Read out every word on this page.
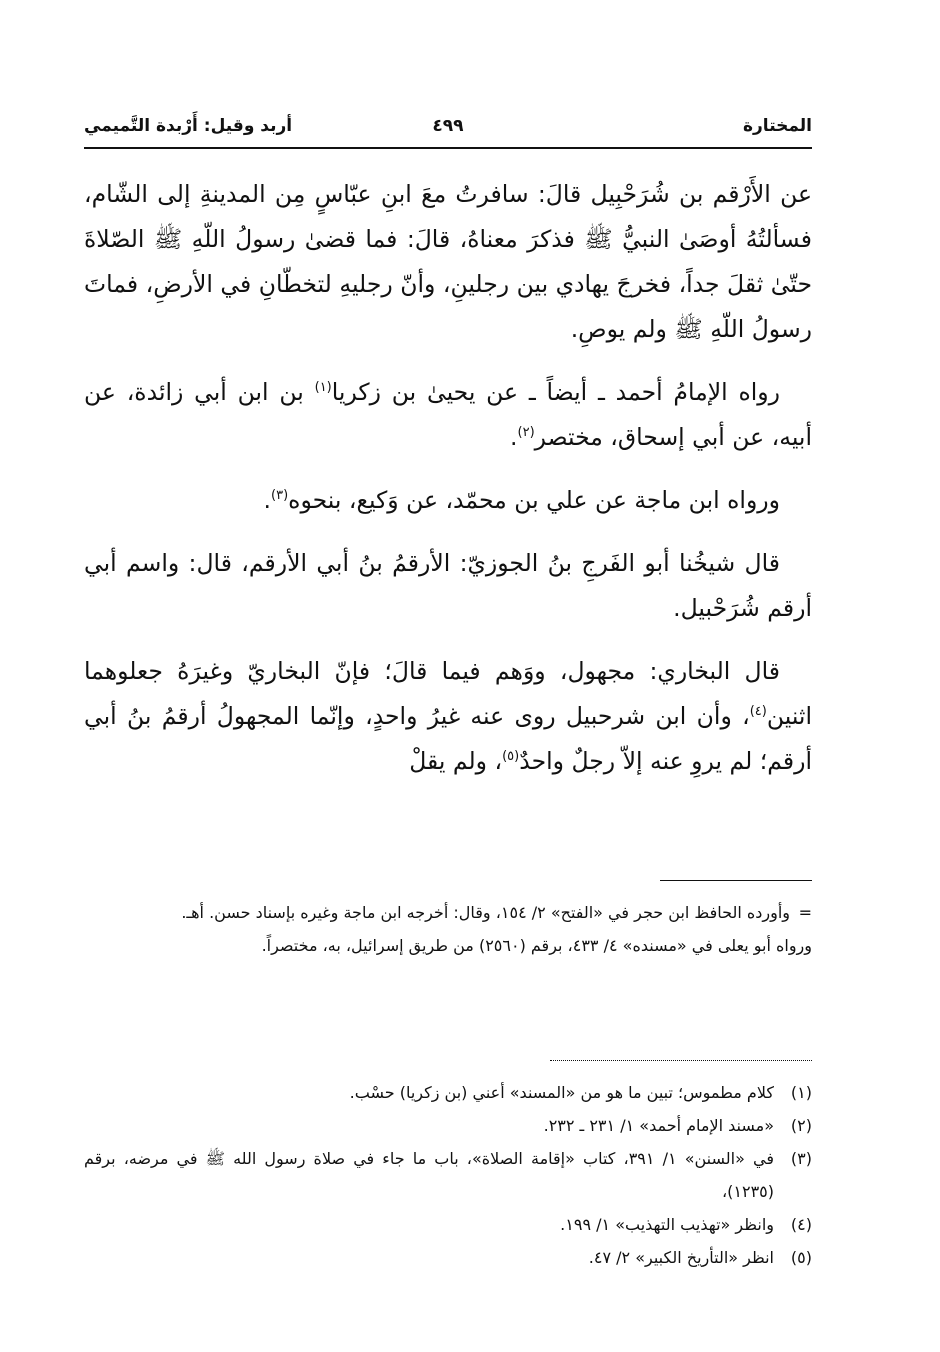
المختارة
٤٩٩
أربد وقيل: أَرْبدة التَّميمي

عن الأَرْقم بن شُرَحْبِيل قالَ: سافرتُ معَ ابنِ عبّاسٍ مِن المدينةِ إلى الشّام، فسألتُهُ أوصَىٰ النبيُّ ﷺ فذكرَ معناهُ، قالَ: فما قضىٰ رسولُ اللّهِ ﷺ الصّلاةَ حتّىٰ ثقلَ جداً، فخرجَ يهادي بين رجلينِ، وأنّ رجليهِ لتخطّانِ في الأرضِ، فماتَ رسولُ اللّهِ ﷺ ولم يوصِ.

رواه الإمامُ أحمد ـ أيضاً ـ عن يحيىٰ بن زكريا$^{(١)}$ بن ابن أبي زائدة، عن أبيه، عن أبي إسحاق، مختصر$^{(٢)}$.

ورواه ابن ماجة عن علي بن محمّد، عن وَكيع، بنحوه$^{(٣)}$.

قال شيخُنا أبو الفَرجِ بنُ الجوزيّ: الأرقمُ بنُ أبي الأرقم، قال: واسم أبي أرقم شُرَحْبيل.

قال البخاري: مجهول، ووَهم فيما قالَ؛ فإنّ البخاريّ وغيرَهُ جعلوهما اثنين$^{(٤)}$، وأن ابن شرحبيل روى عنه غيرُ واحدٍ، وإنّما المجهولُ أرقمُ بنُ أبي أرقم؛ لم يروِ عنه إلاّ رجلٌ واحدٌ$^{(٥)}$، ولم يقلْ

=وأورده الحافظ ابن حجر في «الفتح» ٢/ ١٥٤، وقال: أخرجه ابن ماجة وغيره بإسناد حسن. أهـ.

ورواه أبو يعلى في «مسنده» ٤/ ٤٣٣، برقم (٢٥٦٠) من طريق إسرائيل، به، مختصراً.

(١)
كلام مطموس؛ تبين ما هو من «المسند» أعني (بن زكريا) حسْب.
(٢)
«مسند الإمام أحمد» ١/ ٢٣١ ـ ٢٣٢.
(٣)
في «السنن» ١/ ٣٩١، كتاب «إقامة الصلاة»، باب ما جاء في صلاة رسول الله ﷺ في مرضه، برقم (١٢٣٥)،
(٤)
وانظر «تهذيب التهذيب» ١/ ١٩٩.
(٥)
انظر «التأريخ الكبير» ٢/ ٤٧.
